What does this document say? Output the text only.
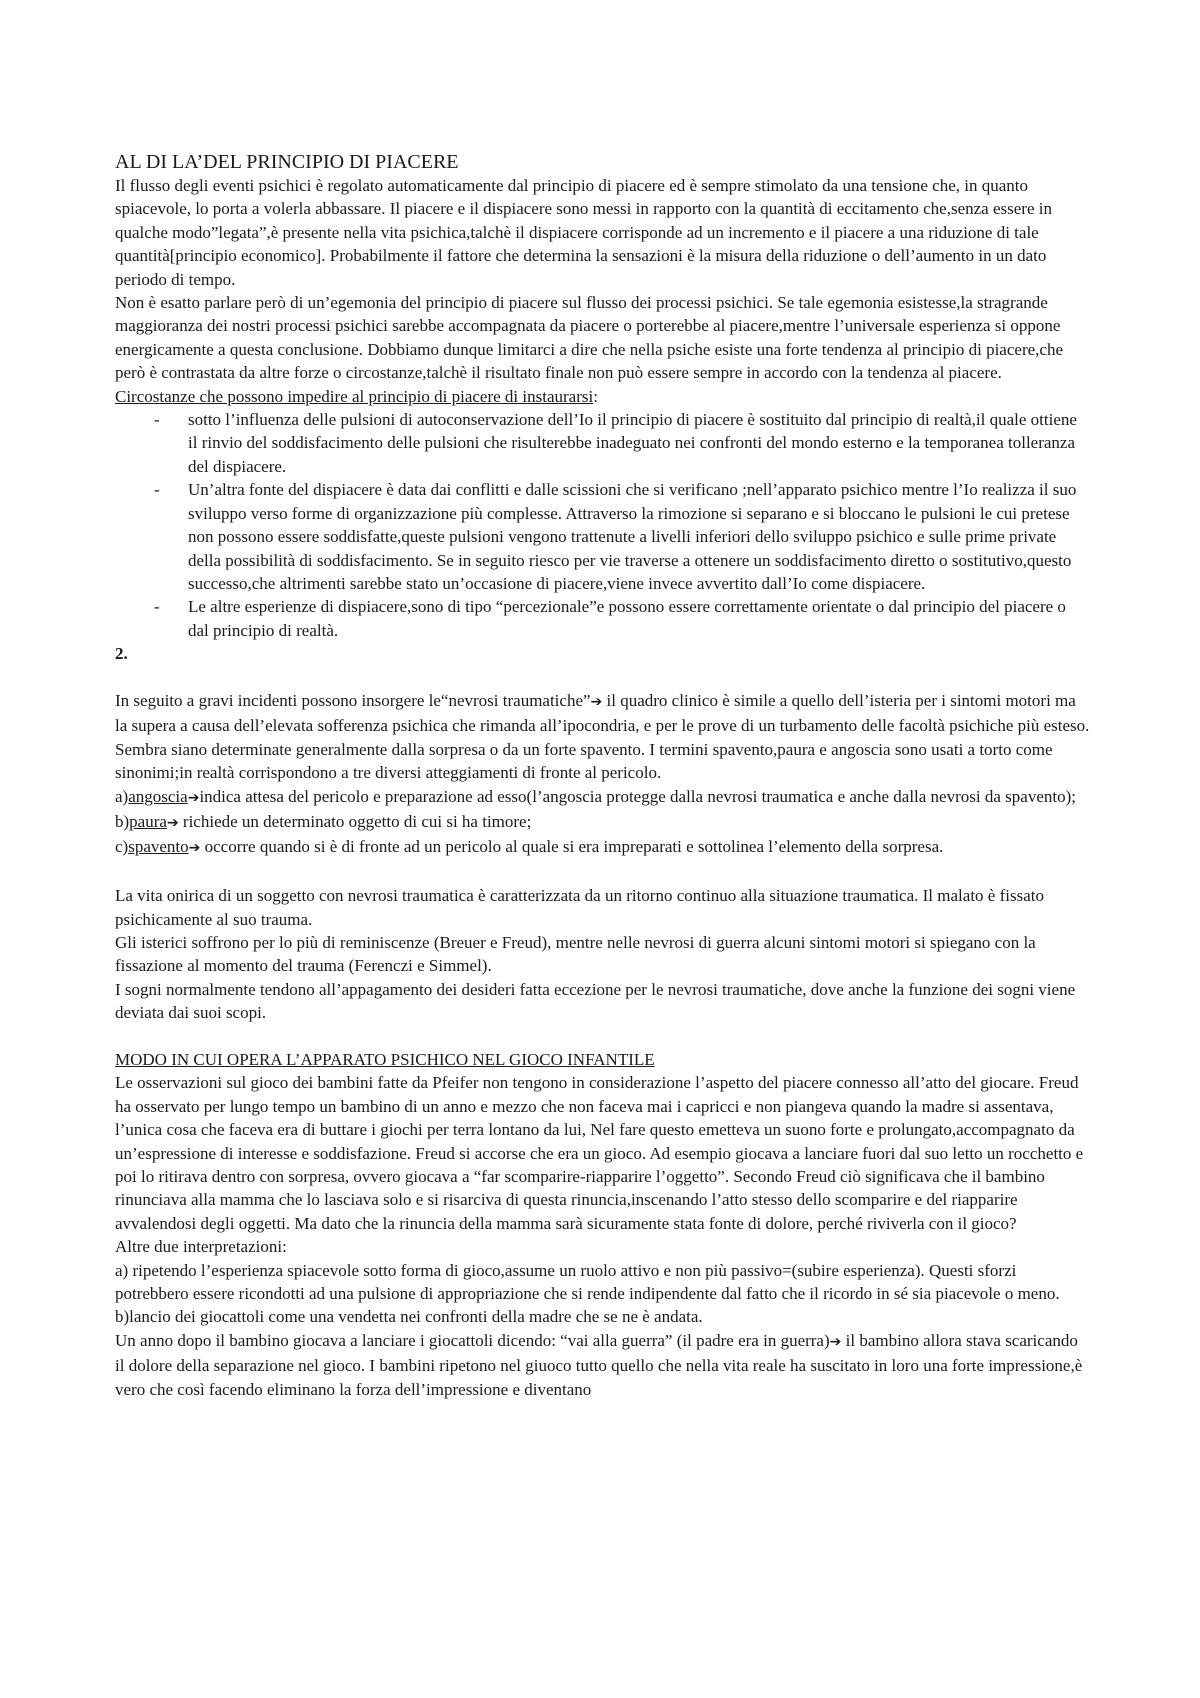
AL DI LA’DEL PRINCIPIO DI PIACERE

Il flusso degli eventi psichici è regolato automaticamente dal principio di piacere ed è sempre stimolato da una tensione che, in quanto spiacevole, lo porta a volerla abbassare. Il piacere e il dispiacere sono messi in rapporto con la quantità di eccitamento che,senza essere in qualche modo”legata”,è presente nella vita psichica,talchè il dispiacere corrisponde ad un incremento e il piacere a una riduzione di tale quantità[principio economico]. Probabilmente il fattore che determina la sensazioni è la misura della riduzione o dell’aumento in un dato periodo di tempo.

Non è esatto parlare però di un’egemonia del principio di piacere sul flusso dei processi psichici. Se tale egemonia esistesse,la stragrande maggioranza dei nostri processi psichici sarebbe accompagnata da piacere o porterebbe al piacere,mentre l’universale esperienza si oppone energicamente a questa conclusione. Dobbiamo dunque limitarci a dire che nella psiche esiste una forte tendenza al principio di piacere,che però è contrastata da altre forze o circostanze,talchè il risultato finale non può essere sempre in accordo con la tendenza al piacere.

Circostanze che possono impedire al principio di piacere di instaurarsi:

- sotto l’influenza delle pulsioni di autoconservazione dell’Io il principio di piacere è sostituito dal principio di realtà,il quale ottiene il rinvio del soddisfacimento delle pulsioni che risulterebbe inadeguato nei confronti del mondo esterno e la temporanea tolleranza del dispiacere.
- Un’altra fonte del dispiacere è data dai conflitti e dalle scissioni che si verificano ;nell’apparato psichico mentre l’Io realizza il suo sviluppo verso forme di organizzazione più complesse. Attraverso la rimozione si separano e si bloccano le pulsioni le cui pretese non possono essere soddisfatte,queste pulsioni vengono trattenute a livelli inferiori dello sviluppo psichico e sulle prime private della possibilità di soddisfacimento. Se in seguito riesco per vie traverse a ottenere un soddisfacimento diretto o sostitutivo,questo successo,che altrimenti sarebbe stato un’occasione di piacere,viene invece avvertito dall’Io come dispiacere.
- Le altre esperienze di dispiacere,sono di tipo “percezionale”e possono essere correttamente orientate o dal principio del piacere o dal principio di realtà.

2.

In seguito a gravi incidenti possono insorgere le“nevrosi traumatiche”➔ il quadro clinico è simile a quello dell’isteria per i sintomi motori ma la supera a causa dell’elevata sofferenza psichica che rimanda all’ipocondria, e per le prove di un turbamento delle facoltà psichiche più esteso. Sembra siano determinate generalmente dalla sorpresa o da un forte spavento. I termini spavento,paura e angoscia sono usati a torto come sinonimi;in realtà corrispondono a tre diversi atteggiamenti di fronte al pericolo.

a)angoscia➔indica attesa del pericolo e preparazione ad esso(l’angoscia protegge dalla nevrosi traumatica e anche dalla nevrosi da spavento);

b)paura➔ richiede un determinato oggetto di cui si ha timore;

c)spavento➔ occorre quando si è di fronte ad un pericolo al quale si era impreparati e sottolinea l’elemento della sorpresa.

La vita onirica di un soggetto con nevrosi traumatica è caratterizzata da un ritorno continuo alla situazione traumatica. Il malato è fissato psichicamente al suo trauma.

Gli isterici soffrono per lo più di reminiscenze (Breuer e Freud), mentre nelle nevrosi di guerra alcuni sintomi motori si spiegano con la fissazione al momento del trauma (Ferenczi e Simmel).

I sogni normalmente tendono all’appagamento dei desideri fatta eccezione per le nevrosi traumatiche, dove anche la funzione dei sogni viene deviata dai suoi scopi.

MODO IN CUI OPERA L’APPARATO PSICHICO NEL GIOCO INFANTILE

Le osservazioni sul gioco dei bambini fatte da Pfeifer non tengono in considerazione l’aspetto del piacere connesso all’atto del giocare. Freud ha osservato per lungo tempo un bambino di un anno e mezzo che non faceva mai i capricci e non piangeva quando la madre si assentava, l’unica cosa che faceva era di buttare i giochi per terra lontano da lui, Nel fare questo emetteva un suono forte e prolungato,accompagnato da un’espressione di interesse e soddisfazione. Freud si accorse che era un gioco. Ad esempio giocava a lanciare fuori dal suo letto un rocchetto e poi lo ritirava dentro con sorpresa, ovvero giocava a “far scomparire-riapparire l’oggetto”. Secondo Freud ciò significava che il bambino rinunciava alla mamma che lo lasciava solo e si risarciva di questa rinuncia,inscenando l’atto stesso dello scomparire e del riapparire avvalendosi degli oggetti. Ma dato che la rinuncia della mamma sarà sicuramente stata fonte di dolore, perché riviverla con il gioco?

Altre due interpretazioni:

a) ripetendo l’esperienza spiacevole sotto forma di gioco,assume un ruolo attivo e non più passivo=(subire esperienza). Questi sforzi potrebbero essere ricondotti ad una pulsione di appropriazione che si rende indipendente dal fatto che il ricordo in sé sia piacevole o meno.

b)lancio dei giocattoli come una vendetta nei confronti della madre che se ne è andata.

Un anno dopo il bambino giocava a lanciare i giocattoli dicendo: “vai alla guerra” (il padre era in guerra)➔ il bambino allora stava scaricando il dolore della separazione nel gioco. I bambini ripetono nel giuoco tutto quello che nella vita reale ha suscitato in loro una forte impressione,è vero che così facendo eliminano la forza dell’impressione e diventano
